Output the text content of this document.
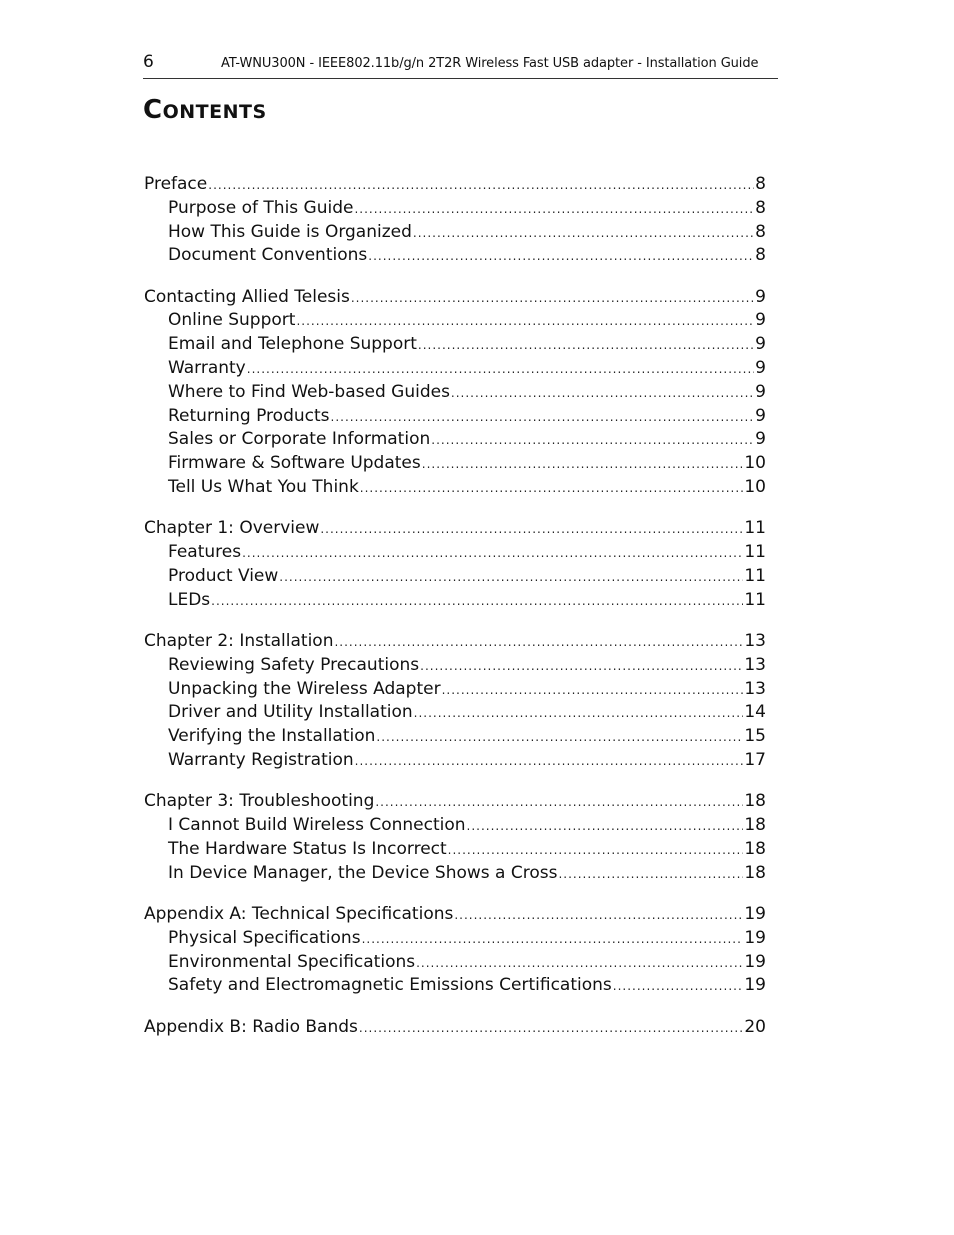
6	AT-WNU300N - IEEE802.11b/g/n 2T2R Wireless Fast USB adapter - Installation Guide
CONTENTS
Preface .....	8
Purpose of This Guide .....	8
How This Guide is Organized .....	8
Document Conventions .....	8
Contacting Allied Telesis .....	9
Online Support .....	9
Email and Telephone Support .....	9
Warranty .....	9
Where to Find Web-based Guides .....	9
Returning Products .....	9
Sales or Corporate Information .....	9
Firmware & Software Updates .....	10
Tell Us What You Think .....	10
Chapter 1: Overview .....	11
Features .....	11
Product View .....	11
LEDs .....	11
Chapter 2: Installation .....	13
Reviewing Safety Precautions .....	13
Unpacking the Wireless Adapter .....	13
Driver and Utility Installation .....	14
Verifying the Installation .....	15
Warranty Registration .....	17
Chapter 3: Troubleshooting .....	18
I Cannot Build Wireless Connection .....	18
The Hardware Status Is Incorrect .....	18
In Device Manager, the Device Shows a Cross .....	18
Appendix A: Technical Specifications .....	19
Physical Specifications .....	19
Environmental Specifications .....	19
Safety and Electromagnetic Emissions Certifications .....	19
Appendix B: Radio Bands .....	20
